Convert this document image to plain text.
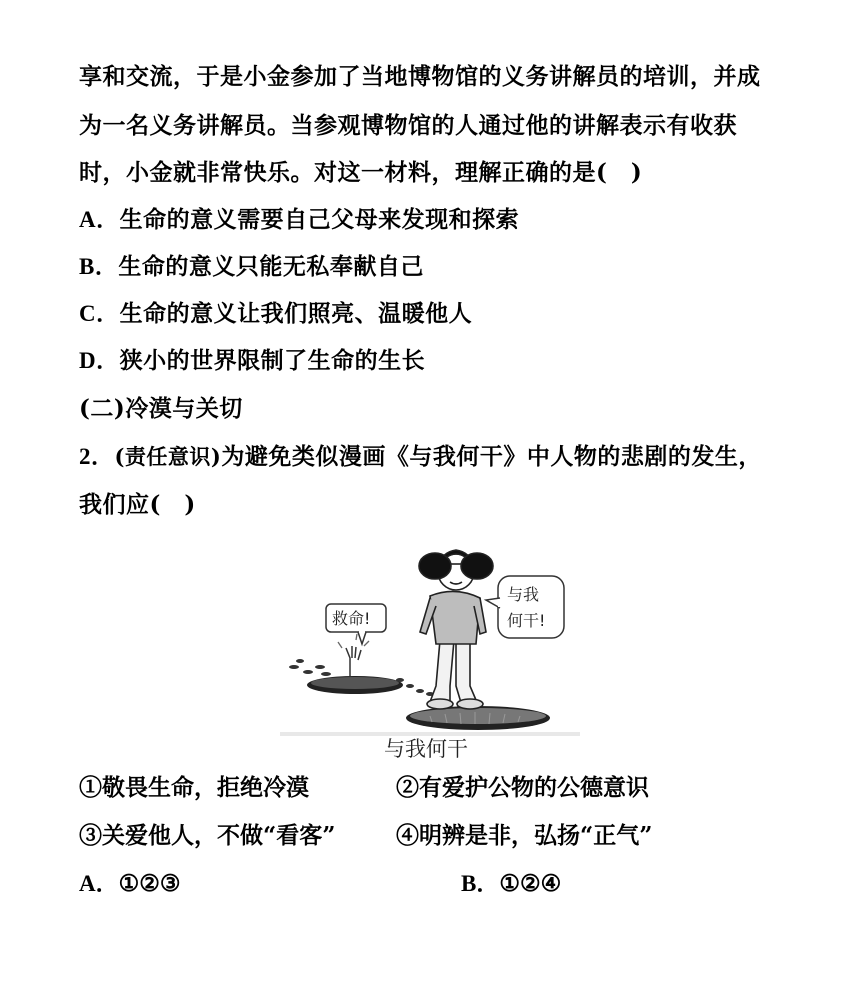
享和交流，于是小金参加了当地博物馆的义务讲解员的培训，并成
为一名义务讲解员。当参观博物馆的人通过他的讲解表示有收获
时，小金就非常快乐。对这一材料，理解正确的是(　)
A．生命的意义需要自己父母来发现和探索
B．生命的意义只能无私奉献自己
C．生命的意义让我们照亮、温暖他人
D．狭小的世界限制了生命的生长
(二)冷漠与关切
2．(责任意识)为避免类似漫画《与我何干》中人物的悲剧的发生，
我们应(　)
救命!
与我
何干!
与我何干
①敬畏生命，拒绝冷漠	②有爱护公物的公德意识
③关爱他人，不做“看客”	④明辨是非，弘扬“正气”
A．①②③	B．①②④
